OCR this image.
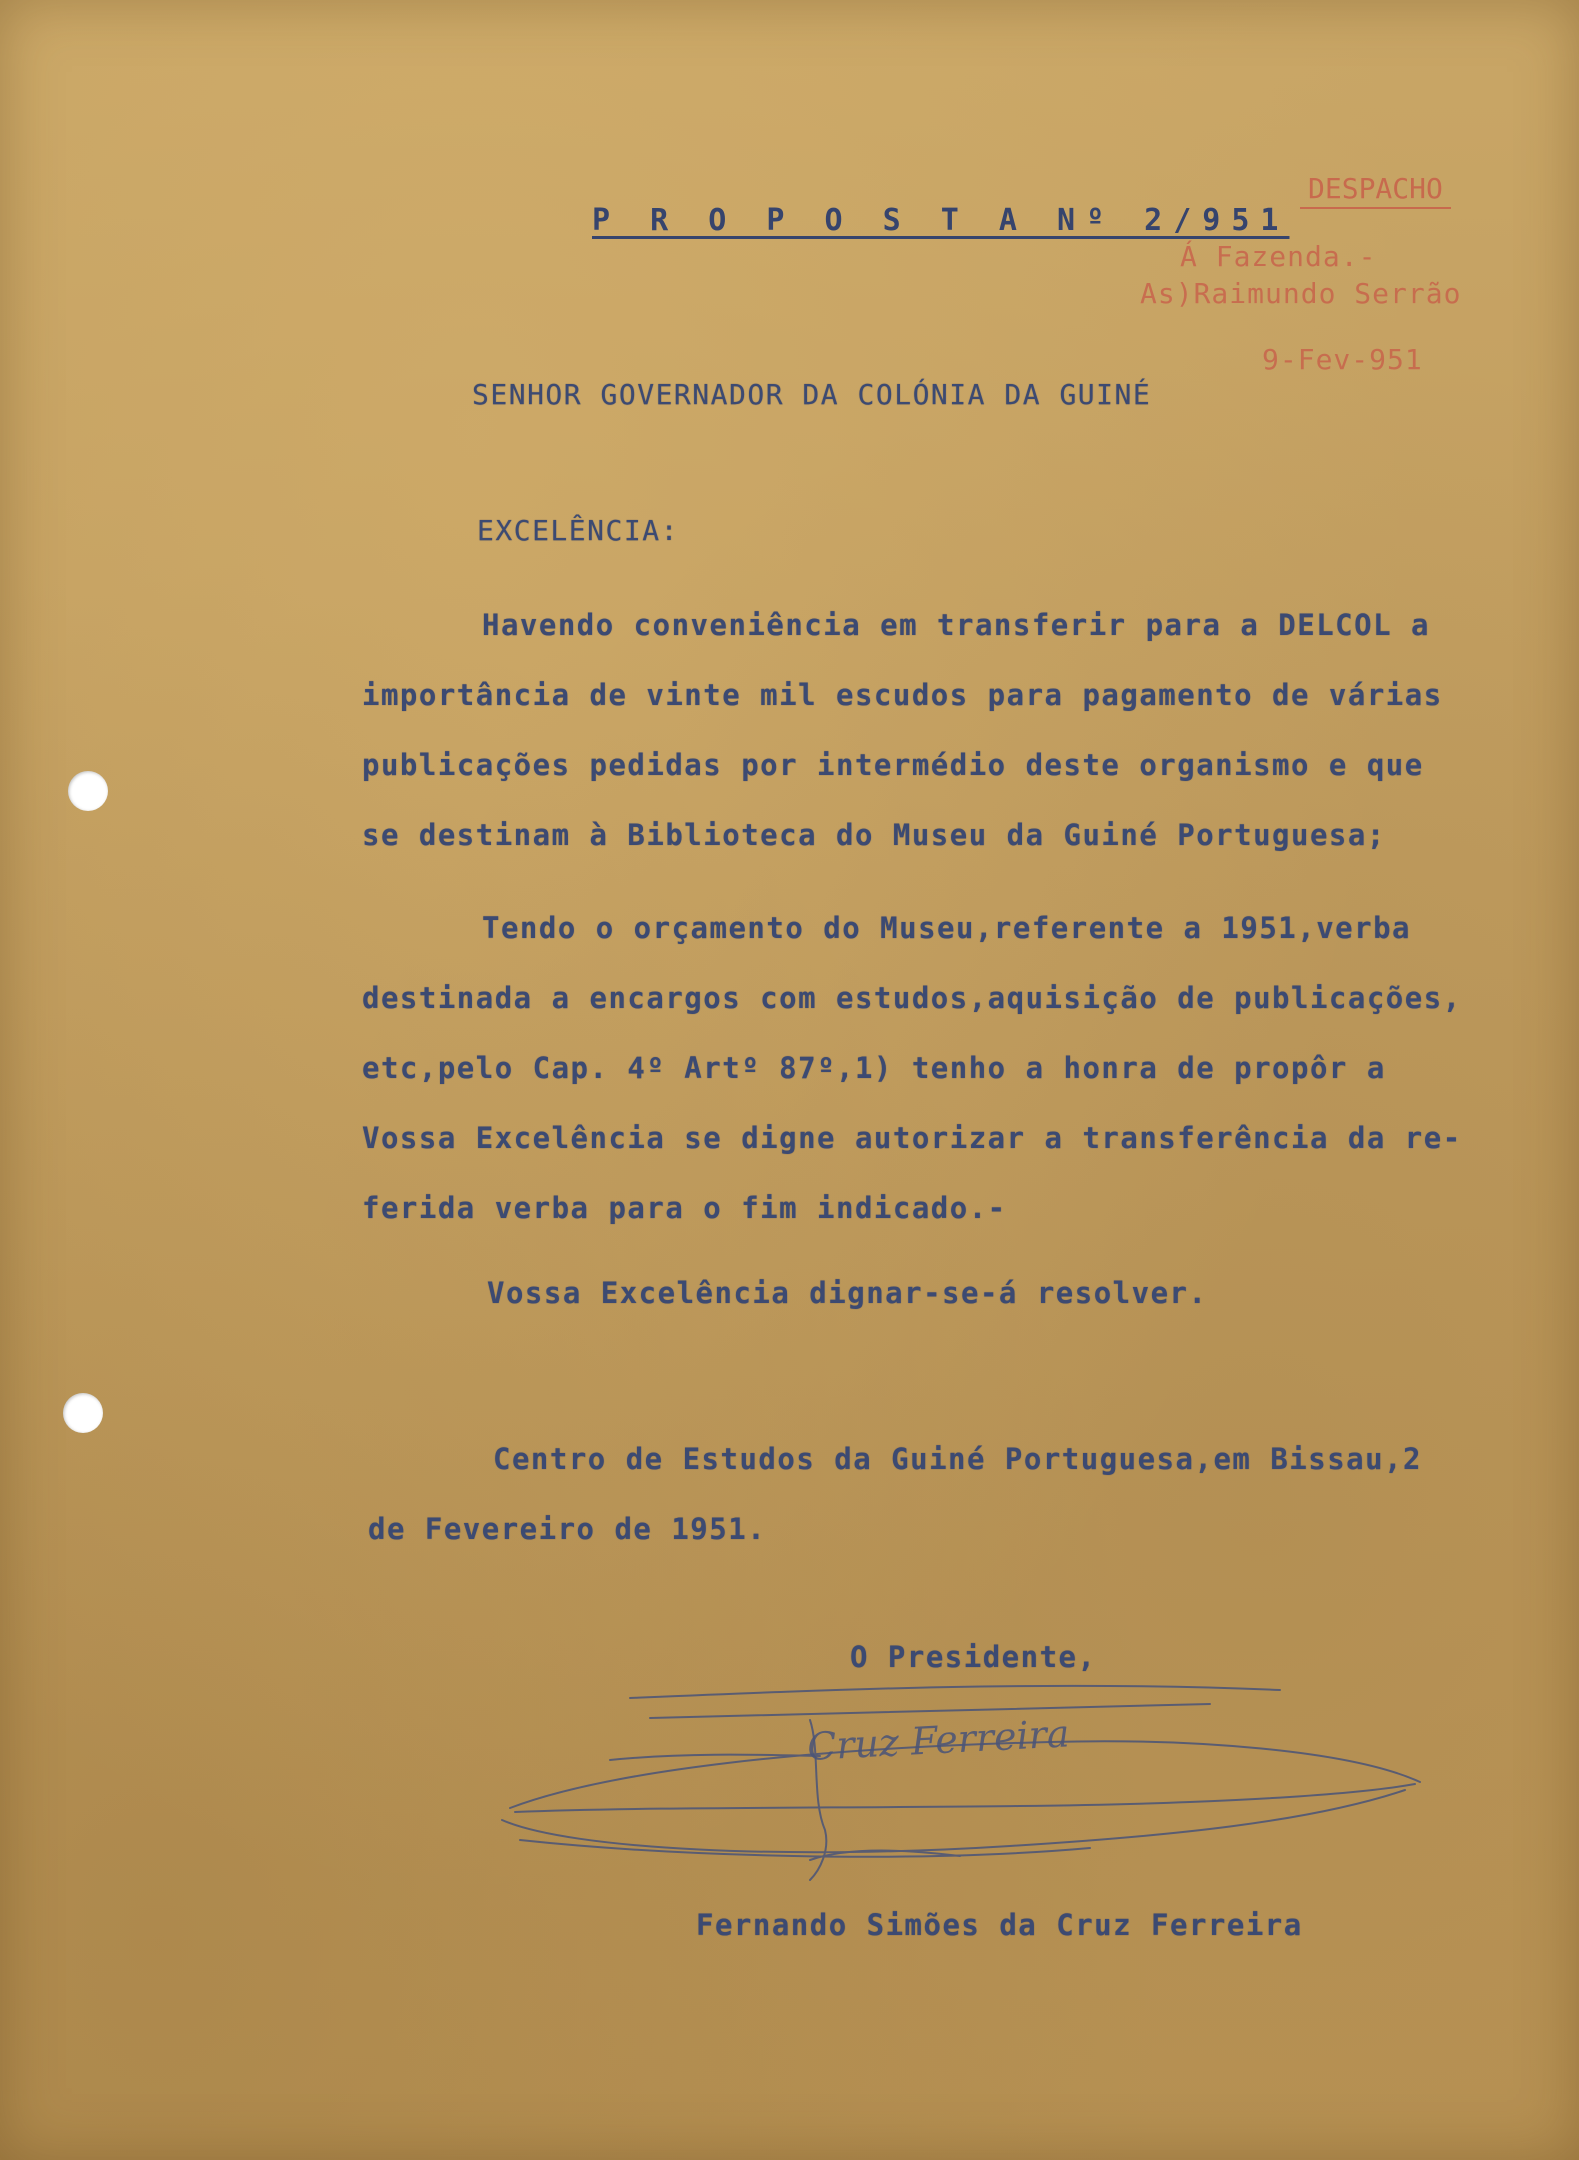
P R O P O S T A Nº 2/951
DESPACHO
Á Fazenda.-
As)Raimundo Serrão
9-Fev-951
SENHOR GOVERNADOR DA COLÓNIA DA GUINÉ
EXCELÊNCIA:
Havendo conveniência em transferir para a DELCOL a
importância de vinte mil escudos para pagamento de várias
publicações pedidas por intermédio deste organismo e que
se destinam à Biblioteca do Museu da Guiné Portuguesa;
Tendo o orçamento do Museu,referente a 1951,verba
destinada a encargos com estudos,aquisição de publicações,
etc,pelo Cap. 4º Artº 87º,1) tenho a honra de propôr a
Vossa Excelência se digne autorizar a transferência da re-
ferida verba para o fim indicado.-
Vossa Excelência dignar-se-á resolver.
Centro de Estudos da Guiné Portuguesa,em Bissau,2
de Fevereiro de 1951.
O Presidente,
Cruz Ferreira
Fernando Simões da Cruz Ferreira
